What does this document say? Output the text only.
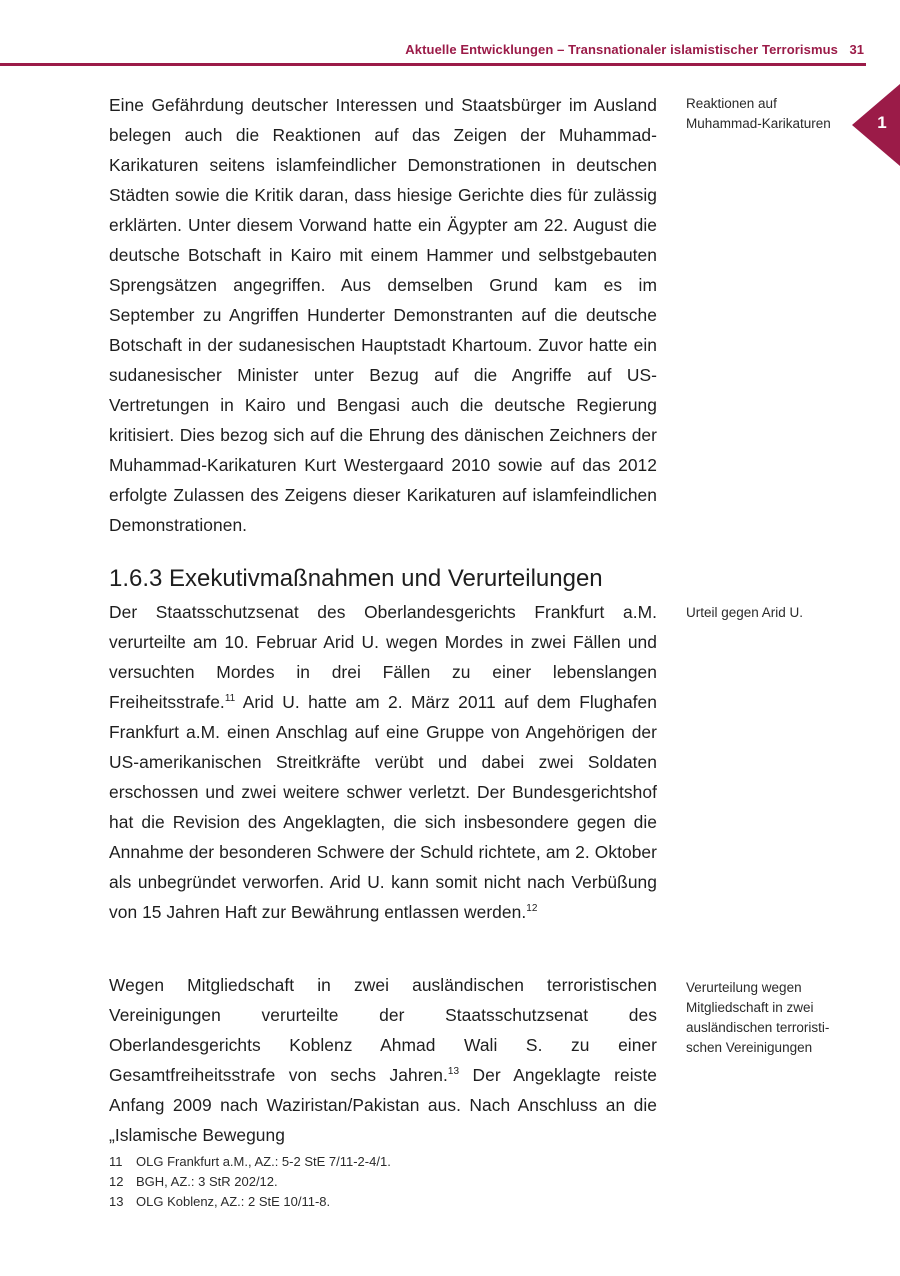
Aktuelle Entwicklungen – Transnationaler islamistischer Terrorismus 31
1

Eine Gefährdung deutscher Interessen und Staatsbürger im Ausland belegen auch die Reaktionen auf das Zeigen der Muhammad-Karikaturen seitens islamfeindlicher Demonstrationen in deutschen Städten sowie die Kritik daran, dass hiesige Gerichte dies für zulässig erklärten. Unter diesem Vorwand hatte ein Ägypter am 22. August die deutsche Botschaft in Kairo mit einem Hammer und selbstgebauten Sprengsätzen angegriffen. Aus demselben Grund kam es im September zu Angriffen Hunderter Demonstranten auf die deutsche Botschaft in der sudanesischen Hauptstadt Khartoum. Zuvor hatte ein sudanesischer Minister unter Bezug auf die Angriffe auf US-Vertretungen in Kairo und Bengasi auch die deutsche Regierung kritisiert. Dies bezog sich auf die Ehrung des dänischen Zeichners der Muhammad-Karikaturen Kurt Westergaard 2010 sowie auf das 2012 erfolgte Zulassen des Zeigens dieser Karikaturen auf islamfeindlichen Demonstrationen.

1.6.3 Exekutivmaßnahmen und Verurteilungen

Der Staatsschutzsenat des Oberlandesgerichts Frankfurt a.M. verurteilte am 10. Februar Arid U. wegen Mordes in zwei Fällen und versuchten Mordes in drei Fällen zu einer lebenslangen Freiheitsstrafe.$^{11}$ Arid U. hatte am 2. März 2011 auf dem Flughafen Frankfurt a.M. einen Anschlag auf eine Gruppe von Angehörigen der US-amerikanischen Streitkräfte verübt und dabei zwei Soldaten erschossen und zwei weitere schwer verletzt. Der Bundesgerichtshof hat die Revision des Angeklagten, die sich insbesondere gegen die Annahme der besonderen Schwere der Schuld richtete, am 2. Oktober als unbegründet verworfen. Arid U. kann somit nicht nach Verbüßung von 15 Jahren Haft zur Bewährung entlassen werden.$^{12}$

Wegen Mitgliedschaft in zwei ausländischen terroristischen Vereinigungen verurteilte der Staatsschutzsenat des Oberlandesgerichts Koblenz Ahmad Wali S. zu einer Gesamtfreiheitsstrafe von sechs Jahren.$^{13}$ Der Angeklagte reiste Anfang 2009 nach Waziristan/Pakistan aus. Nach Anschluss an die „Islamische Bewegung

Reaktionen auf Muhammad-Karikaturen
Urteil gegen Arid U.
Verurteilung wegen Mitgliedschaft in zwei ausländischen terroristischen Vereinigungen
11	OLG Frankfurt a.M., AZ.: 5-2 StE 7/11-2-4/1.
12 BGH, AZ.: 3 StR 202/12.
13 OLG Koblenz, AZ.: 2 StE 10/11-8.
